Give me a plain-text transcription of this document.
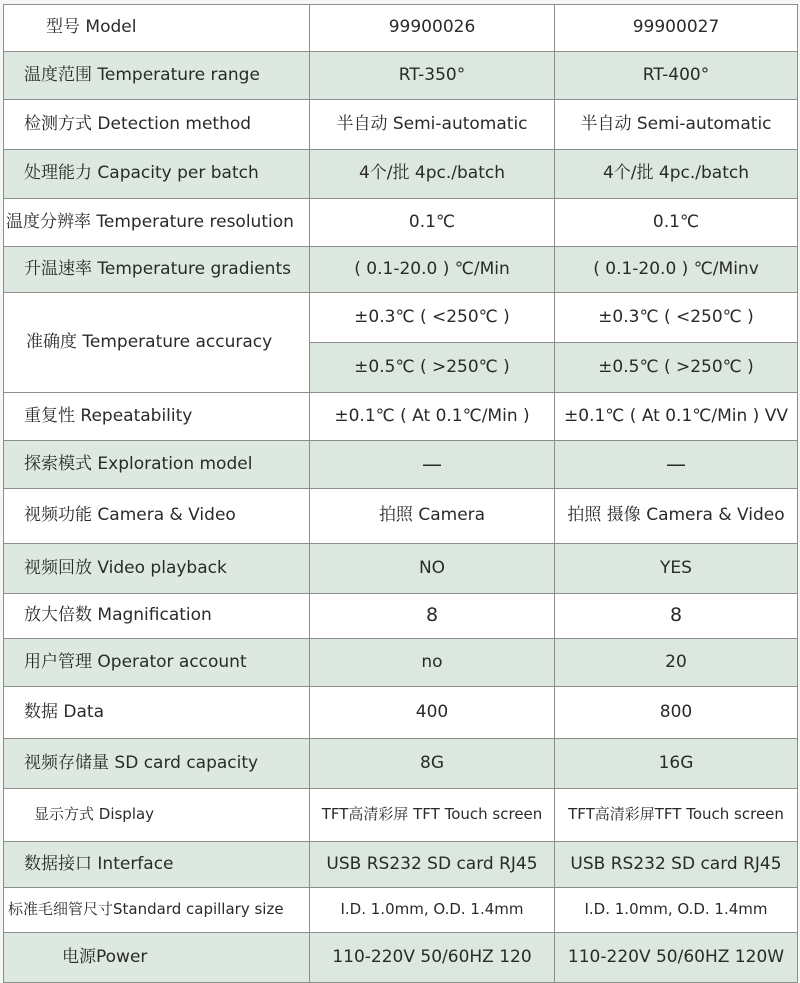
型号 Model	99900026	99900027
温度范围 Temperature range	RT-350°	RT-400°
检测方式 Detection method	半自动 Semi-automatic	半自动 Semi-automatic
处理能力 Capacity per batch	4个/批 4pc./batch	4个/批 4pc./batch
温度分辨率 Temperature resolution	0.1℃	0.1℃
升温速率 Temperature gradients	( 0.1-20.0 ) ℃/Min	( 0.1-20.0 ) ℃/Minv
准确度 Temperature accuracy	±0.3℃ ( <250℃ )	±0.3℃ ( <250℃ )
	±0.5℃ ( >250℃ )	±0.5℃ ( >250℃ )
重复性 Repeatability	±0.1℃ ( At 0.1℃/Min )	±0.1℃ ( At 0.1℃/Min ) VV
探索模式 Exploration model	—	—
视频功能 Camera & Video	拍照 Camera	拍照 摄像 Camera & Video
视频回放 Video playback	NO	YES
放大倍数 Magnification	8	8
用户管理 Operator account	no	20
数据 Data	400	800
视频存储量 SD card capacity	8G	16G
显示方式 Display	TFT高清彩屏 TFT Touch screen	TFT高清彩屏TFT Touch screen
数据接口 Interface	USB RS232 SD card RJ45	USB RS232 SD card RJ45
标准毛细管尺寸Standard capillary size	I.D. 1.0mm, O.D. 1.4mm	I.D. 1.0mm, O.D. 1.4mm
电源Power	110-220V 50/60HZ 120	110-220V 50/60HZ 120W
